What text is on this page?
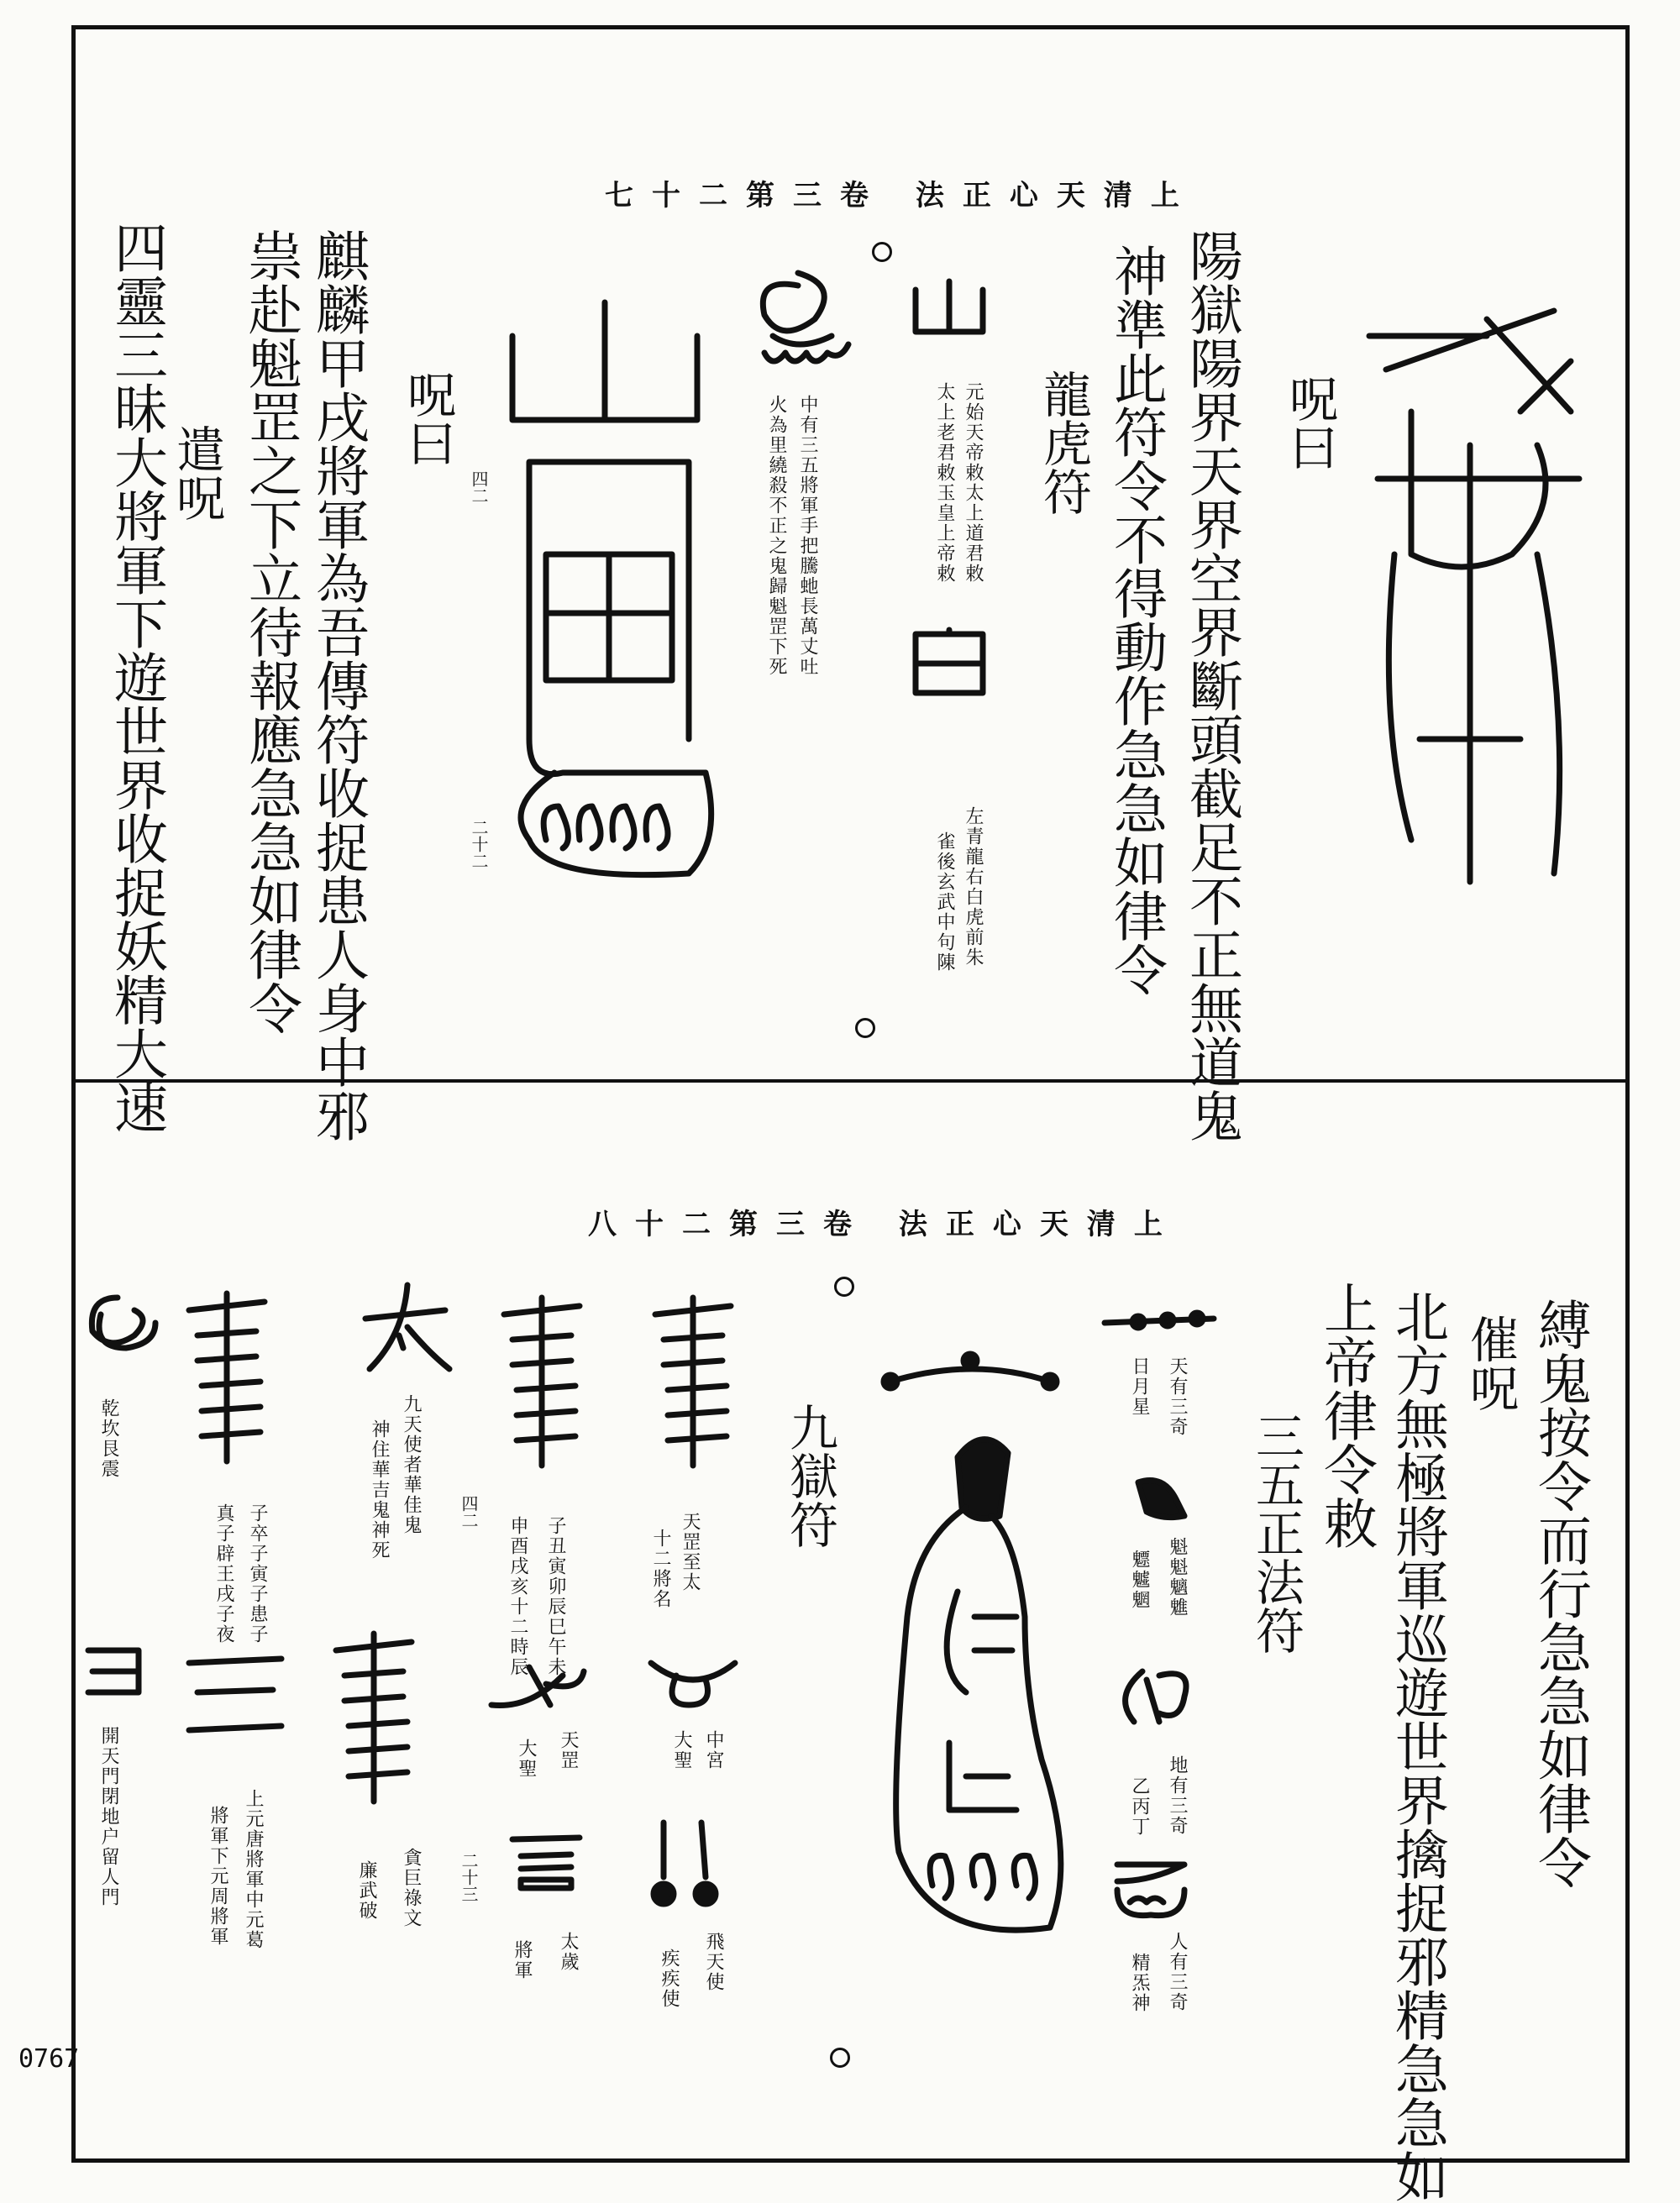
上清天心正法 卷三第二十七
呪曰
陽獄陽界天界空界斷頭截足不正無道鬼
神準此符令不得動作急急如律令
龍虎符
元始天帝敕太上道君敕
太上老君敕玉皇上帝敕
左青龍右白虎前朱
雀後玄武中句陳
中有三五將軍手把騰虵長萬丈吐
火為里繞殺不正之鬼歸魁罡下死
四二
二十二
呪曰
麒麟甲戌將軍為吾傳符收捉患人身中邪
祟赴魁罡之下立待報應急急如律令
遣呪
四靈三昧大將軍下遊世界收捉妖精大速
上清天心正法 卷三第二十八
縛鬼按令而行急急如律令
催呪
北方無極將軍巡遊世界擒捉邪精急急如
上帝律令敕
三五正法符
天有三奇
日月星
魁魁魑魋
魒魖魍
地有三奇
乙丙丁
人有三奇
精炁神
九獄符
天罡至太
十二將名
中宮
大聖
飛天使
疾疾使
子丑寅卯辰巳午未
申酉戌亥十二時辰
天罡
大聖
太歲
將軍
四二
二十三
九天使者華佳鬼
神住華吉鬼神死
貪巨祿文
廉武破
子卒子寅子患子
真子辟王戌子夜
上元唐將軍中元葛
將軍下元周將軍
乾坎艮震
開天門閉地户留人門
0767
